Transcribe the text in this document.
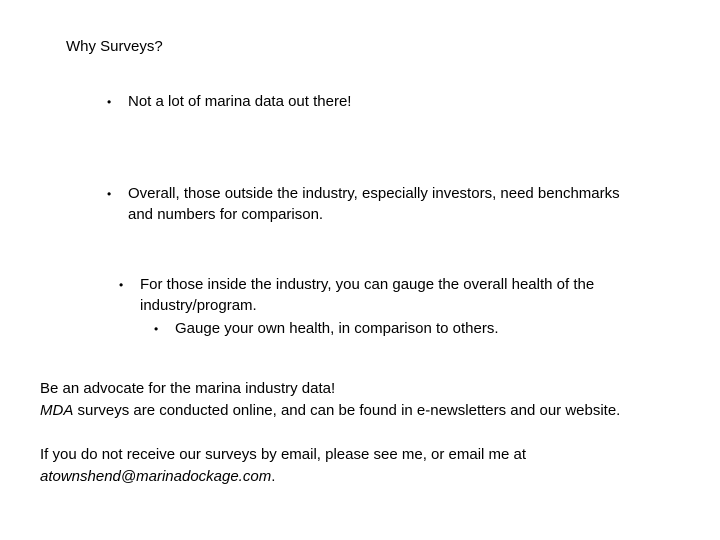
Why Surveys?
• Not a lot of marina data out there!
• Overall, those outside the industry, especially investors, need benchmarks
and numbers for comparison.
• For those inside the industry, you can gauge the overall health of the
industry/program.
• Gauge your own health, in comparison to others.
Be an advocate for the marina industry data!
MDA surveys are conducted online, and can be found in e-newsletters and our website.
If you do not receive our surveys by email, please see me, or email me at
atownshend@marinadockage.com.
